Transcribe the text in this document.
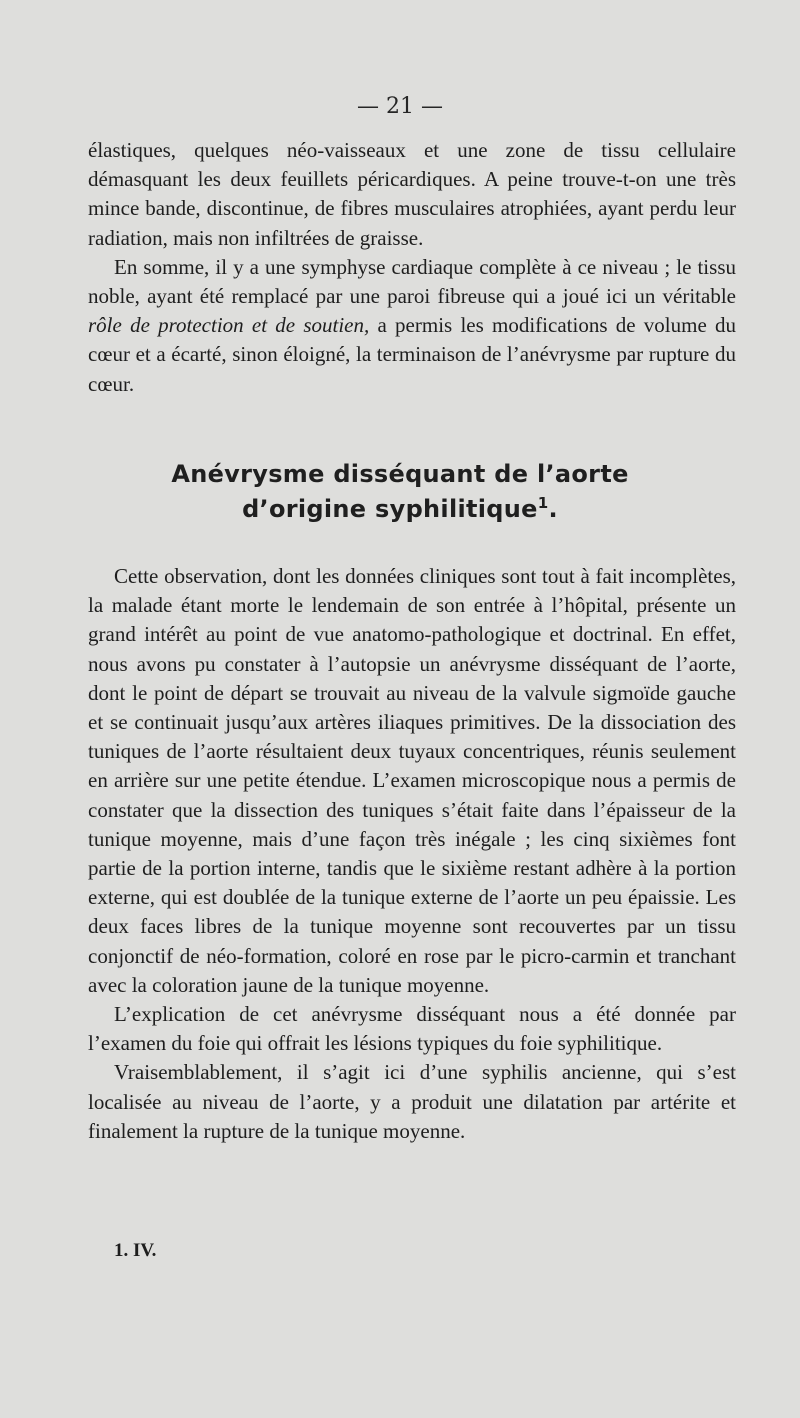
— 21 —

élastiques, quelques néo-vaisseaux et une zone de tissu cellulaire démasquant les deux feuillets péricardiques. A peine trouve-t-on une très mince bande, discontinue, de fibres musculaires atrophiées, ayant perdu leur radiation, mais non infiltrées de graisse.

En somme, il y a une symphyse cardiaque complète à ce niveau ; le tissu noble, ayant été remplacé par une paroi fibreuse qui a joué ici un véritable rôle de protection et de soutien, a permis les modifications de volume du cœur et a écarté, sinon éloigné, la terminaison de l’anévrysme par rupture du cœur.

Anévrysme disséquant de l’aorte
d’origine syphilitique$^1$.

Cette observation, dont les données cliniques sont tout à fait incomplètes, la malade étant morte le lendemain de son entrée à l’hôpital, présente un grand intérêt au point de vue anatomo-pathologique et doctrinal. En effet, nous avons pu constater à l’autopsie un anévrysme disséquant de l’aorte, dont le point de départ se trouvait au niveau de la valvule sigmoïde gauche et se continuait jusqu’aux artères iliaques primitives. De la dissociation des tuniques de l’aorte résultaient deux tuyaux concentriques, réunis seulement en arrière sur une petite étendue. L’examen microscopique nous a permis de constater que la dissection des tuniques s’était faite dans l’épaisseur de la tunique moyenne, mais d’une façon très inégale ; les cinq sixièmes font partie de la portion interne, tandis que le sixième restant adhère à la portion externe, qui est doublée de la tunique externe de l’aorte un peu épaissie. Les deux faces libres de la tunique moyenne sont recouvertes par un tissu conjonctif de néo-formation, coloré en rose par le picro-carmin et tranchant avec la coloration jaune de la tunique moyenne.

L’explication de cet anévrysme disséquant nous a été donnée par l’examen du foie qui offrait les lésions typiques du foie syphilitique.

Vraisemblablement, il s’agit ici d’une syphilis ancienne, qui s’est localisée au niveau de l’aorte, y a produit une dilatation par artérite et finalement la rupture de la tunique moyenne.

1. IV.
